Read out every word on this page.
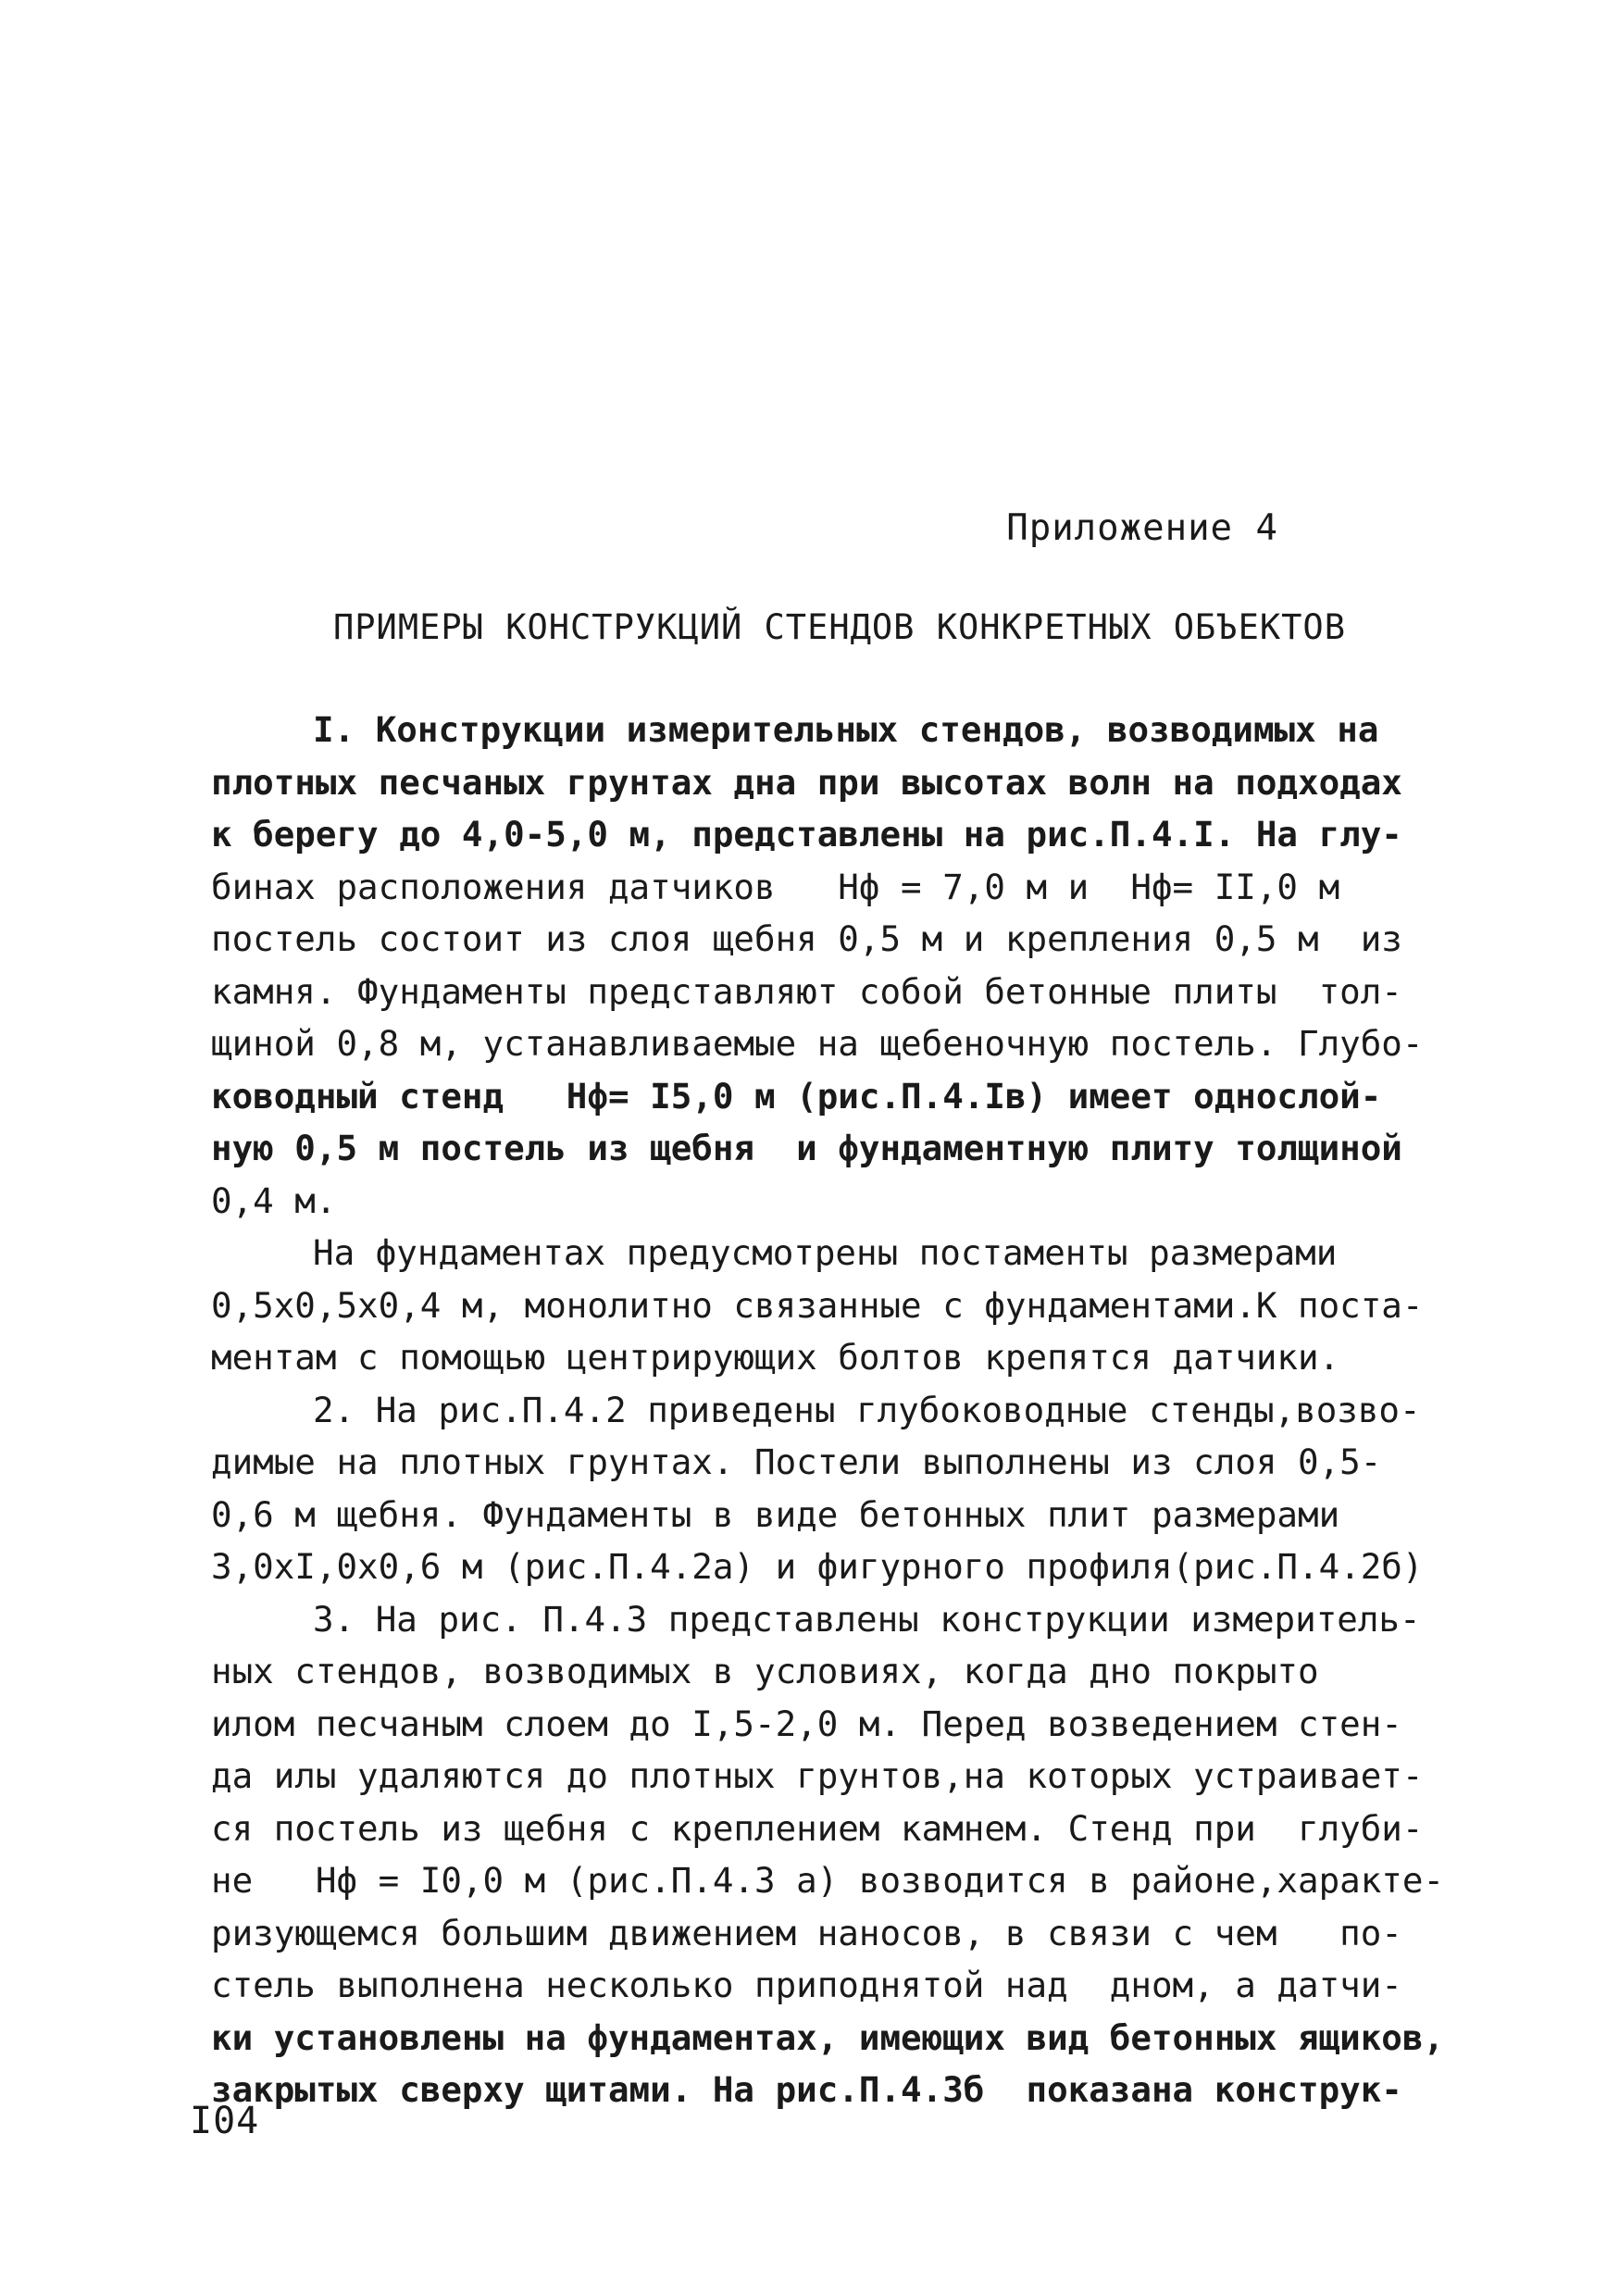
Приложение 4
ПРИМЕРЫ КОНСТРУКЦИЙ СТЕНДОВ КОНКРЕТНЫХ ОБЪЕКТОВ
I. Конструкции измерительных стендов, возводимых на
плотных песчаных грунтах дна при высотах волн на подходах
к берегу до 4,0-5,0 м, представлены на рис.П.4.I. На глу-
бинах расположения датчиков   Hф = 7,0 м и  Hф= II,0 м
постель состоит из слоя щебня 0,5 м и крепления 0,5 м  из
камня. Фундаменты представляют собой бетонные плиты  тол-
щиной 0,8 м, устанавливаемые на щебеночную постель. Глубо-
ководный стенд   Hф= I5,0 м (рис.П.4.Iв) имеет однослой-
ную 0,5 м постель из щебня  и фундаментную плиту толщиной
0,4 м.
На фундаментах предусмотрены постаменты размерами
0,5х0,5х0,4 м, монолитно связанные с фундаментами.К поста-
ментам с помощью центрирующих болтов крепятся датчики.
2. На рис.П.4.2 приведены глубоководные стенды,возво-
димые на плотных грунтах. Постели выполнены из слоя 0,5-
0,6 м щебня. Фундаменты в виде бетонных плит размерами
3,0хI,0х0,6 м (рис.П.4.2а) и фигурного профиля(рис.П.4.2б)
3. На рис. П.4.3 представлены конструкции измеритель-
ных стендов, возводимых в условиях, когда дно покрыто
илом песчаным слоем до I,5-2,0 м. Перед возведением стен-
да илы удаляются до плотных грунтов,на которых устраивает-
ся постель из щебня с креплением камнем. Стенд при  глуби-
не   Hф = I0,0 м (рис.П.4.3 а) возводится в районе,характе-
ризующемся большим движением наносов, в связи с чем   по-
стель выполнена несколько приподнятой над  дном, а датчи-
ки установлены на фундаментах, имеющих вид бетонных ящиков,
закрытых сверху щитами. На рис.П.4.3б  показана конструк-
I04
